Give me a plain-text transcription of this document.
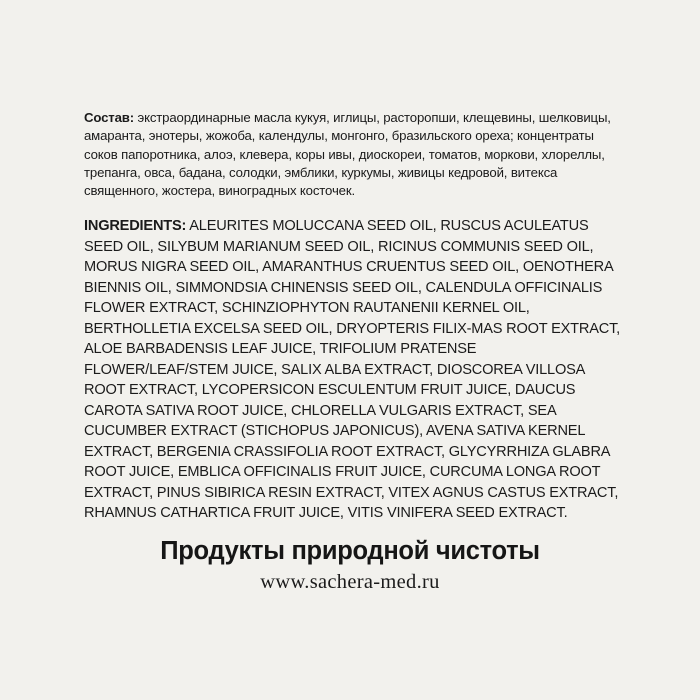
Состав: экстраординарные масла кукуя, иглицы, расторопши, клещевины, шелковицы, амаранта, энотеры, жожоба, календулы, монгонго, бразильского ореха; концентраты соков папоротника, алоэ, клевера, коры ивы, диоскореи, томатов, моркови, хлореллы, трепанга, овса, бадана, солодки, эмблики, куркумы, живицы кедровой, витекса священного, жостера, виноградных косточек.

INGREDIENTS: ALEURITES MOLUCCANA SEED OIL, RUSCUS ACULEATUS SEED OIL, SILYBUM MARIANUM SEED OIL, RICINUS COMMUNIS SEED OIL, MORUS NIGRA SEED OIL, AMARANTHUS CRUENTUS SEED OIL, OENOTHERA BIENNIS OIL, SIMMONDSIA CHINENSIS SEED OIL, CALENDULA OFFICINALIS FLOWER EXTRACT, SCHINZIOPHYTON RAUTANENII KERNEL OIL, BERTHOLLETIA EXCELSA SEED OIL, DRYOPTERIS FILIX-MAS ROOT EXTRACT, ALOE BARBADENSIS LEAF JUICE, TRIFOLIUM PRATENSE FLOWER/LEAF/STEM JUICE, SALIX ALBA EXTRACT, DIOSCOREA VILLOSA ROOT EXTRACT, LYCOPERSICON ESCULENTUM FRUIT JUICE, DAUCUS CAROTA SATIVA ROOT JUICE, CHLORELLA VULGARIS EXTRACT, SEA CUCUMBER EXTRACT (STICHOPUS JAPONICUS), AVENA SATIVA KERNEL EXTRACT, BERGENIA CRASSIFOLIA ROOT EXTRACT, GLYCYRRHIZA GLABRA ROOT JUICE, EMBLICA OFFICINALIS FRUIT JUICE, CURCUMA LONGA ROOT EXTRACT, PINUS SIBIRICA RESIN EXTRACT, VITEX AGNUS CASTUS EXTRACT, RHAMNUS CATHARTICA FRUIT JUICE, VITIS VINIFERA SEED EXTRACT.

Продукты природной чистоты
www.sachera-med.ru
